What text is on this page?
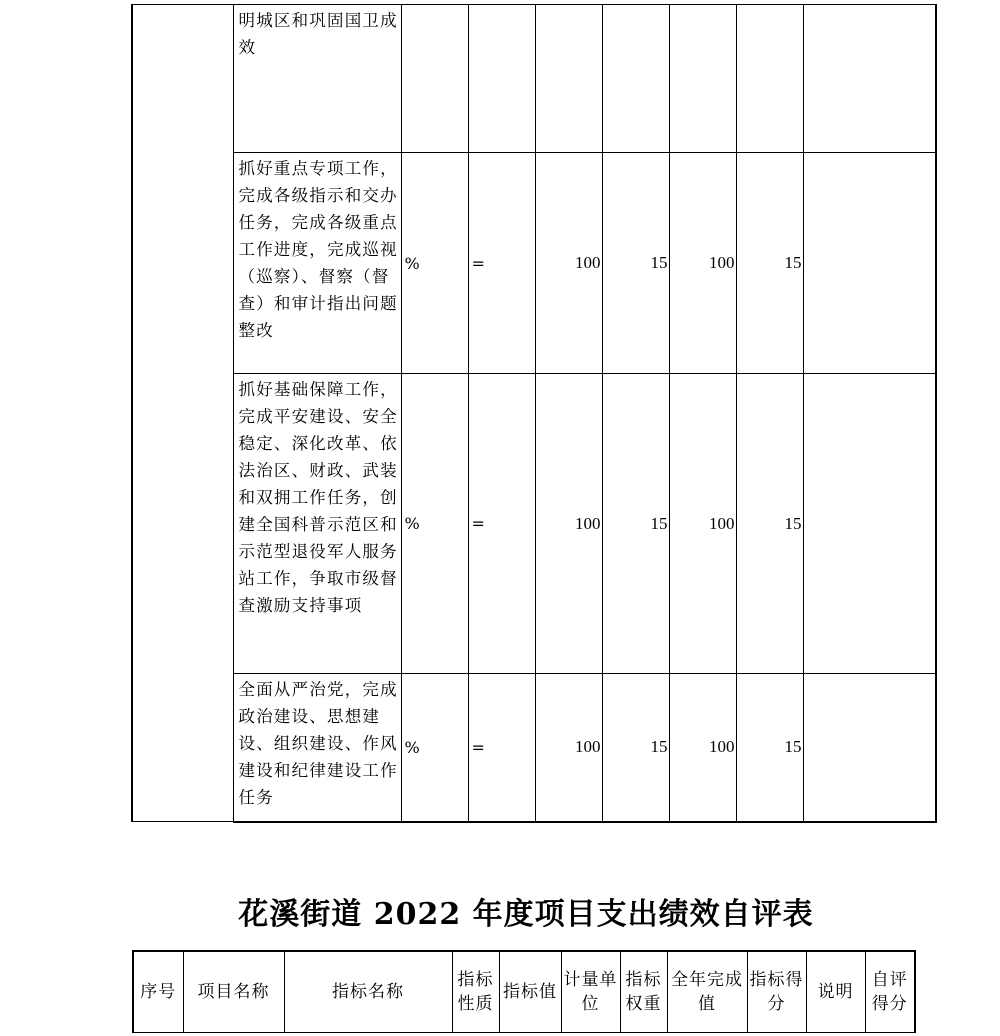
	明城区和巩固国卫成效							
	抓好重点专项工作，完成各级指示和交办任务，完成各级重点工作进度，完成巡视（巡察）、督察（督查）和审计指出问题整改	%	=	100	15	100	15	
	抓好基础保障工作，完成平安建设、安全稳定、深化改革、依法治区、财政、武装和双拥工作任务，创建全国科普示范区和示范型退役军人服务站工作，争取市级督查激励支持事项	%	=	100	15	100	15	
	全面从严治党，完成政治建设、思想建设、组织建设、作风建设和纪律建设工作任务	%	=	100	15	100	15	
花溪街道 2022 年度项目支出绩效自评表
序号	项目名称	指标名称	指标性质	指标值	计量单位	指标权重	全年完成值	指标得分	说明	自评得分
